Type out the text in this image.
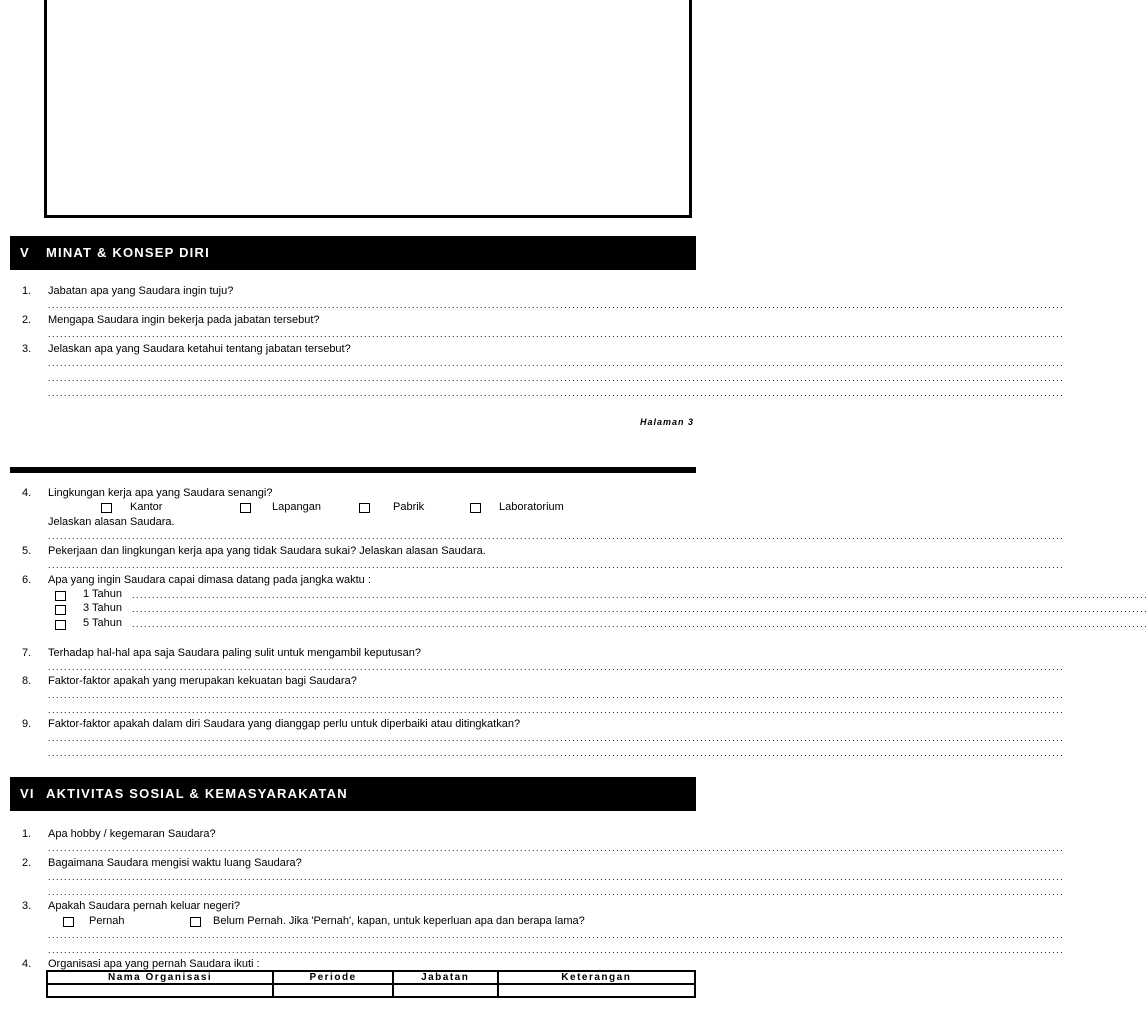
V	MINAT & KONSEP DIRI
1. Jabatan apa yang Saudara ingin tuju?
..............................................................................................................................................................................................................................................................
2. Mengapa Saudara ingin bekerja pada jabatan tersebut?
..............................................................................................................................................................................................................................................................
3. Jelaskan apa yang Saudara ketahui tentang jabatan tersebut?
..............................................................................................................................................................................................................................................................
..............................................................................................................................................................................................................................................................
..............................................................................................................................................................................................................................................................
Halaman 3
4. Lingkungan kerja apa yang Saudara senangi?
Kantor	Lapangan	Pabrik	Laboratorium
Jelaskan alasan Saudara.
..............................................................................................................................................................................................................................................................
5. Pekerjaan dan lingkungan kerja apa yang tidak Saudara sukai? Jelaskan alasan Saudara.
..............................................................................................................................................................................................................................................................
6. Apa yang ingin Saudara capai dimasa datang pada jangka waktu :
1 Tahun ..............................................................................................................................................................................................................................................................
3 Tahun ..............................................................................................................................................................................................................................................................
5 Tahun ..............................................................................................................................................................................................................................................................
7. Terhadap hal-hal apa saja Saudara paling sulit untuk mengambil keputusan?
..............................................................................................................................................................................................................................................................
8. Faktor-faktor apakah yang merupakan kekuatan bagi Saudara?
..............................................................................................................................................................................................................................................................
..............................................................................................................................................................................................................................................................
9. Faktor-faktor apakah dalam diri Saudara yang dianggap perlu untuk diperbaiki atau ditingkatkan?
..............................................................................................................................................................................................................................................................
..............................................................................................................................................................................................................................................................
VI AKTIVITAS SOSIAL & KEMASYARAKATAN
1. Apa hobby / kegemaran Saudara?
..............................................................................................................................................................................................................................................................
2. Bagaimana Saudara mengisi waktu luang Saudara?
..............................................................................................................................................................................................................................................................
..............................................................................................................................................................................................................................................................
3. Apakah Saudara pernah keluar negeri?
Pernah	Belum Pernah. Jika 'Pernah', kapan, untuk keperluan apa dan berapa lama?
..............................................................................................................................................................................................................................................................
..............................................................................................................................................................................................................................................................
4. Organisasi apa yang pernah Saudara ikuti :
Nama Organisasi	Periode	Jabatan	Keterangan
